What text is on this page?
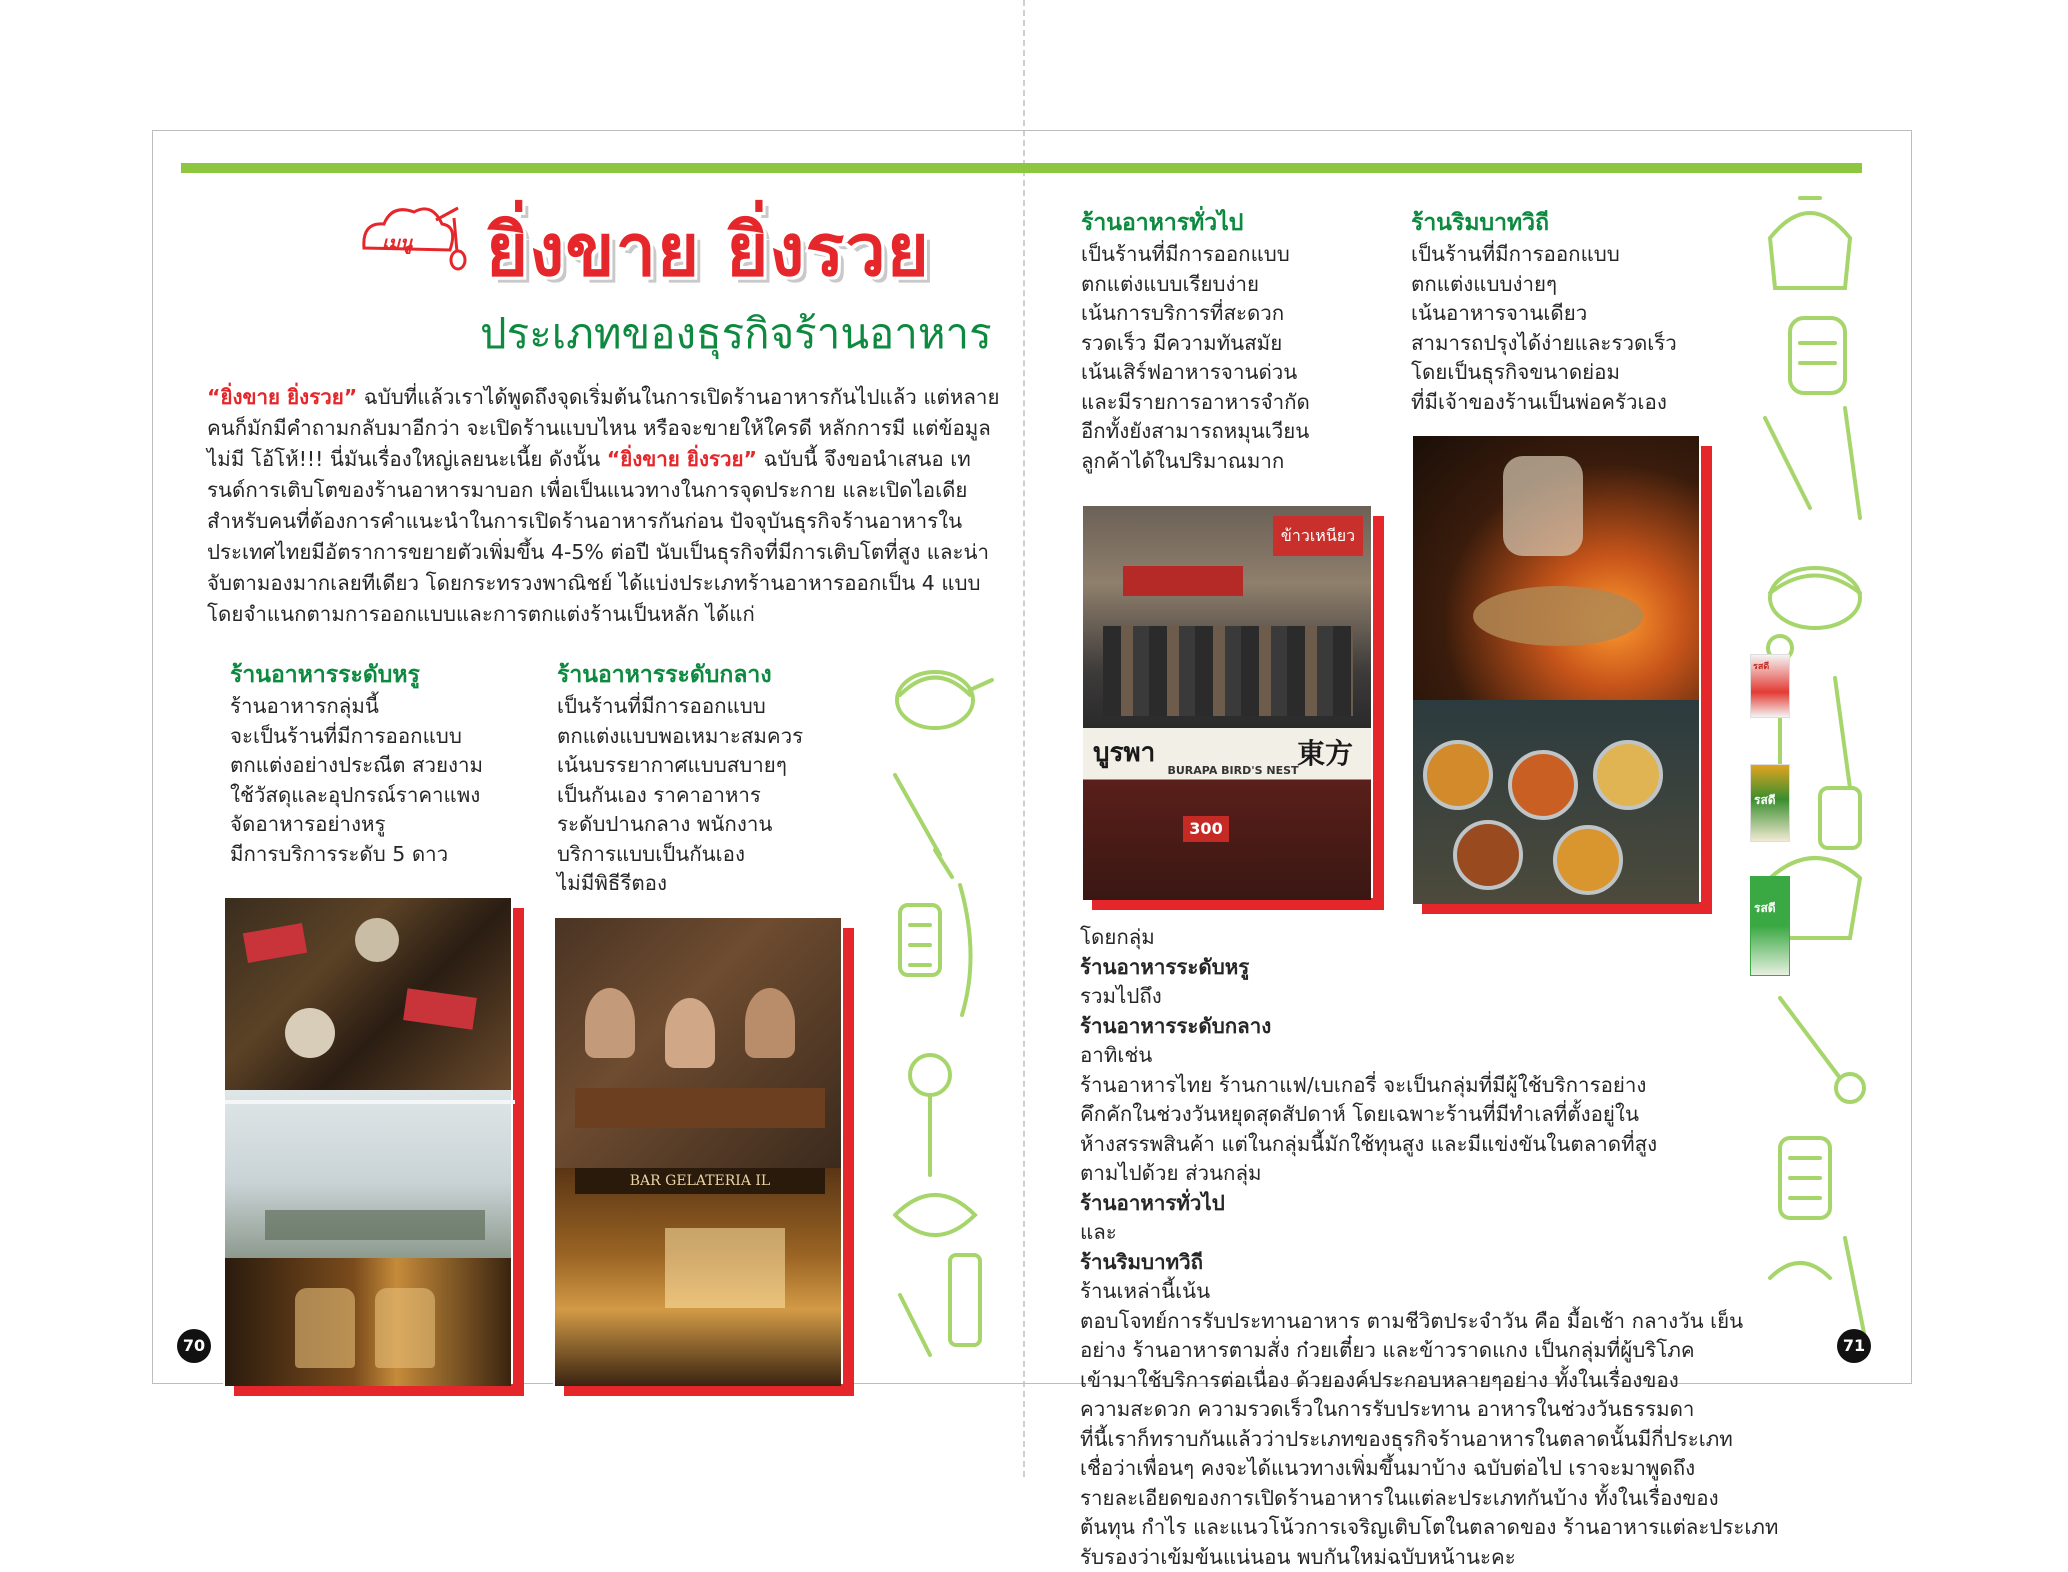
เมนู ยิ่งขาย ยิ่งรวย
ประเภทของธุรกิจร้านอาหาร
“ยิ่งขาย ยิ่งรวย” ฉบับที่แล้วเราได้พูดถึงจุดเริ่มต้นในการเปิดร้านอาหารกันไปแล้ว แต่หลายคนก็มักมีคำถามกลับมาอีกว่า จะเปิดร้านแบบไหน หรือจะขายให้ใครดี หลักการมี แต่ข้อมูลไม่มี โอ้โห้!!! นี่มันเรื่องใหญ่เลยนะเนี้ย ดังนั้น “ยิ่งขาย ยิ่งรวย” ฉบับนี้ จึงขอนำเสนอ เทรนด์การเติบโตของร้านอาหารมาบอก เพื่อเป็นแนวทางในการจุดประกาย และเปิดไอเดียสำหรับคนที่ต้องการคำแนะนำในการเปิดร้านอาหารกันก่อน ปัจจุบันธุรกิจร้านอาหารในประเทศไทยมีอัตราการขยายตัวเพิ่มขึ้น 4-5% ต่อปี นับเป็นธุรกิจที่มีการเติบโตที่สูง และน่าจับตามองมากเลยทีเดียว โดยกระทรวงพาณิชย์ ได้แบ่งประเภทร้านอาหารออกเป็น 4 แบบ โดยจำแนกตามการออกแบบและการตกแต่งร้านเป็นหลัก ได้แก่
ร้านอาหารระดับหรู
ร้านอาหารกลุ่มนี้
จะเป็นร้านที่มีการออกแบบ
ตกแต่งอย่างประณีต สวยงาม
ใช้วัสดุและอุปกรณ์ราคาแพง
จัดอาหารอย่างหรู
มีการบริการระดับ 5 ดาว
ร้านอาหารระดับกลาง
เป็นร้านที่มีการออกแบบ
ตกแต่งแบบพอเหมาะสมควร
เน้นบรรยากาศแบบสบายๆ
เป็นกันเอง ราคาอาหาร
ระดับปานกลาง พนักงาน
บริการแบบเป็นกันเอง
ไม่มีพิธีรีตอง
ร้านอาหารทั่วไป
เป็นร้านที่มีการออกแบบ
ตกแต่งแบบเรียบง่าย
เน้นการบริการที่สะดวก
รวดเร็ว มีความทันสมัย
เน้นเสิร์ฟอาหารจานด่วน
และมีรายการอาหารจำกัด
อีกทั้งยังสามารถหมุนเวียน
ลูกค้าได้ในปริมาณมาก
ร้านริมบาทวิถี
เป็นร้านที่มีการออกแบบ
ตกแต่งแบบง่ายๆ
เน้นอาหารจานเดียว
สามารถปรุงได้ง่ายและรวดเร็ว
โดยเป็นธุรกิจขนาดย่อม
ที่มีเจ้าของร้านเป็นพ่อครัวเอง
BAR GELATERIA IL
ข้าวเหนียว
บูรพา	東方
BURAPA BIRD'S NEST
300
โดยกลุ่ม
ร้านอาหารระดับหรู
รวมไปถึง
ร้านอาหารระดับกลาง
อาทิเช่น
ร้านอาหารไทย ร้านกาแฟ/เบเกอรี่ จะเป็นกลุ่มที่มีผู้ใช้บริการอย่าง
คึกคักในช่วงวันหยุดสุดสัปดาห์ โดยเฉพาะร้านที่มีทำเลที่ตั้งอยู่ใน
ห้างสรรพสินค้า แต่ในกลุ่มนี้มักใช้ทุนสูง และมีแข่งขันในตลาดที่สูง
ตามไปด้วย ส่วนกลุ่ม
ร้านอาหารทั่วไป
และ
ร้านริมบาทวิถี
ร้านเหล่านี้เน้น
ตอบโจทย์การรับประทานอาหาร ตามชีวิตประจำวัน คือ มื้อเช้า กลางวัน เย็น
อย่าง ร้านอาหารตามสั่ง ก๋วยเตี๋ยว และข้าวราดแกง เป็นกลุ่มที่ผู้บริโภค
เข้ามาใช้บริการต่อเนื่อง ด้วยองค์ประกอบหลายๆอย่าง ทั้งในเรื่องของ
ความสะดวก ความรวดเร็วในการรับประทาน อาหารในช่วงวันธรรมดา
ที่นี้เราก็ทราบกันแล้วว่าประเภทของธุรกิจร้านอาหารในตลาดนั้นมีกี่ประเภท
เชื่อว่าเพื่อนๆ คงจะได้แนวทางเพิ่มขึ้นมาบ้าง ฉบับต่อไป เราจะมาพูดถึง
รายละเอียดของการเปิดร้านอาหารในแต่ละประเภทกันบ้าง ทั้งในเรื่องของ
ต้นทุน กำไร และแนวโน้วการเจริญเติบโตในตลาดของ ร้านอาหารแต่ละประเภท
รับรองว่าเข้มข้นแน่นอน พบกันใหม่ฉบับหน้านะคะ
รสดี
รสดี
รสดี
70	71
